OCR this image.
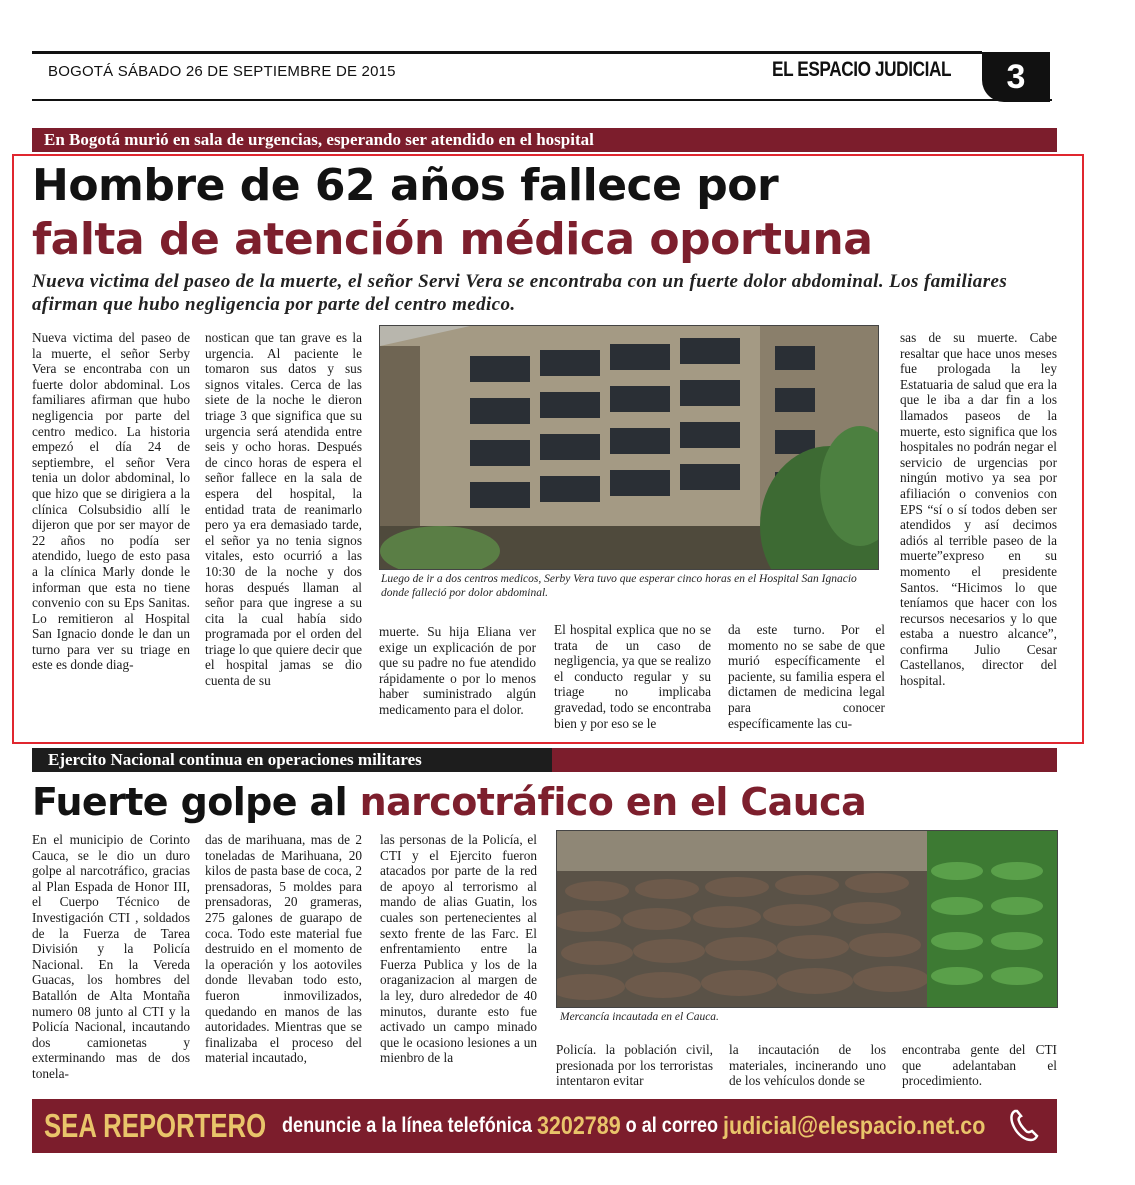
BOGOTÁ SÁBADO 26 DE SEPTIEMBRE DE 2015	EL ESPACIO JUDICIAL	3
En Bogotá murió en sala de urgencias, esperando ser atendido en el hospital
Hombre de 62 años fallece por
falta de atención médica oportuna
Nueva victima del paseo de la muerte, el señor Servi Vera se encontraba con un fuerte dolor abdominal. Los familiares afirman que hubo negligencia por parte del centro medico.
Nueva victima del paseo de la muerte, el señor Serby Vera se encontraba con un fuerte dolor abdominal. Los familiares afirman que hubo negligencia por parte del centro medico. La historia empezó el día 24 de septiembre, el señor Vera tenia un dolor abdominal, lo que hizo que se dirigiera a la clínica Colsubsidio allí le dijeron que por ser mayor de 22 años no podía ser atendido, luego de esto pasa a la clínica Marly donde le informan que esta no tiene convenio con su Eps Sanitas. Lo remitieron al Hospital San Ignacio donde le dan un turno para ver su triage en este es donde diag-
nostican que tan grave es la urgencia. Al paciente le tomaron sus datos y sus signos vitales. Cerca de las siete de la noche le dieron triage 3 que significa que su urgencia será atendida entre seis y ocho horas. Después de cinco horas de espera el señor fallece en la sala de espera del hospital, la entidad trata de reanimarlo pero ya era demasiado tarde, el señor ya no tenia signos vitales, esto ocurrió a las 10:30 de la noche y dos horas después llaman al señor para que ingrese a su cita la cual había sido programada por el orden del triage lo que quiere decir que el hospital jamas se dio cuenta de su
Luego de ir a dos centros medicos, Serby Vera tuvo que esperar cinco horas en el Hospital San Ignacio donde falleció por dolor abdominal.
muerte. Su hija Eliana ver exige un explicación de por que su padre no fue atendido rápidamente o por lo menos haber suministrado algún medicamento para el dolor.
El hospital explica que no se trata de un caso de negligencia, ya que se realizo el conducto regular y su triage no implicaba gravedad, todo se encontraba bien y por eso se le
da este turno. Por el momento no se sabe de que murió específicamente el paciente, su familia espera el dictamen de medicina legal para conocer específicamente las cu-
sas de su muerte. Cabe resaltar que hace unos meses fue prologada la ley Estatuaria de salud que era la que le iba a dar fin a los llamados paseos de la muerte, esto significa que los hospitales no podrán negar el servicio de urgencias por ningún motivo ya sea por afiliación o convenios con EPS “sí o sí todos deben ser atendidos y así decimos adiós al terrible paseo de la muerte”expreso en su momento el presidente Santos. “Hicimos lo que teníamos que hacer con los recursos necesarios y lo que estaba a nuestro alcance”, confirma Julio Cesar Castellanos, director del hospital.
Ejercito Nacional continua en operaciones militares
Fuerte golpe al narcotráfico en el Cauca
En el municipio de Corinto Cauca, se le dio un duro golpe al narcotráfico, gracias al Plan Espada de Honor III, el Cuerpo Técnico de Investigación CTI , soldados de la Fuerza de Tarea División y la Policía Nacional. En la Vereda Guacas, los hombres del Batallón de Alta Montaña numero 08 junto al CTI y la Policía Nacional, incautando dos camionetas y exterminando mas de dos tonela-
das de marihuana, mas de 2 toneladas de Marihuana, 20 kilos de pasta base de coca, 2 prensadoras, 5 moldes para prensadoras, 20 grameras, 275 galones de guarapo de coca. Todo este material fue destruido en el momento de la operación y los aotoviles donde llevaban todo esto, fueron inmovilizados, quedando en manos de las autoridades. Mientras que se finalizaba el proceso del material incautado,
las personas de la Policía, el CTI y el Ejercito fueron atacados por parte de la red de apoyo al terrorismo al mando de alias Guatin, los cuales son pertenecientes al sexto frente de las Farc. El enfrentamiento entre la Fuerza Publica y los de la oraganizacion al margen de la ley, duro alrededor de 40 minutos, durante esto fue activado un campo minado que le ocasiono lesiones a un mienbro de la
Mercancía incautada en el Cauca.
Policía. la población civil, presionada por los terroristas intentaron evitar
la incautación de los materiales, incinerando uno de los vehículos donde se
encontraba gente del CTI que adelantaban el procedimiento.
SEA REPORTERO denuncie a la línea telefónica
3202789
o al correo
judicial@elespacio.net.co
